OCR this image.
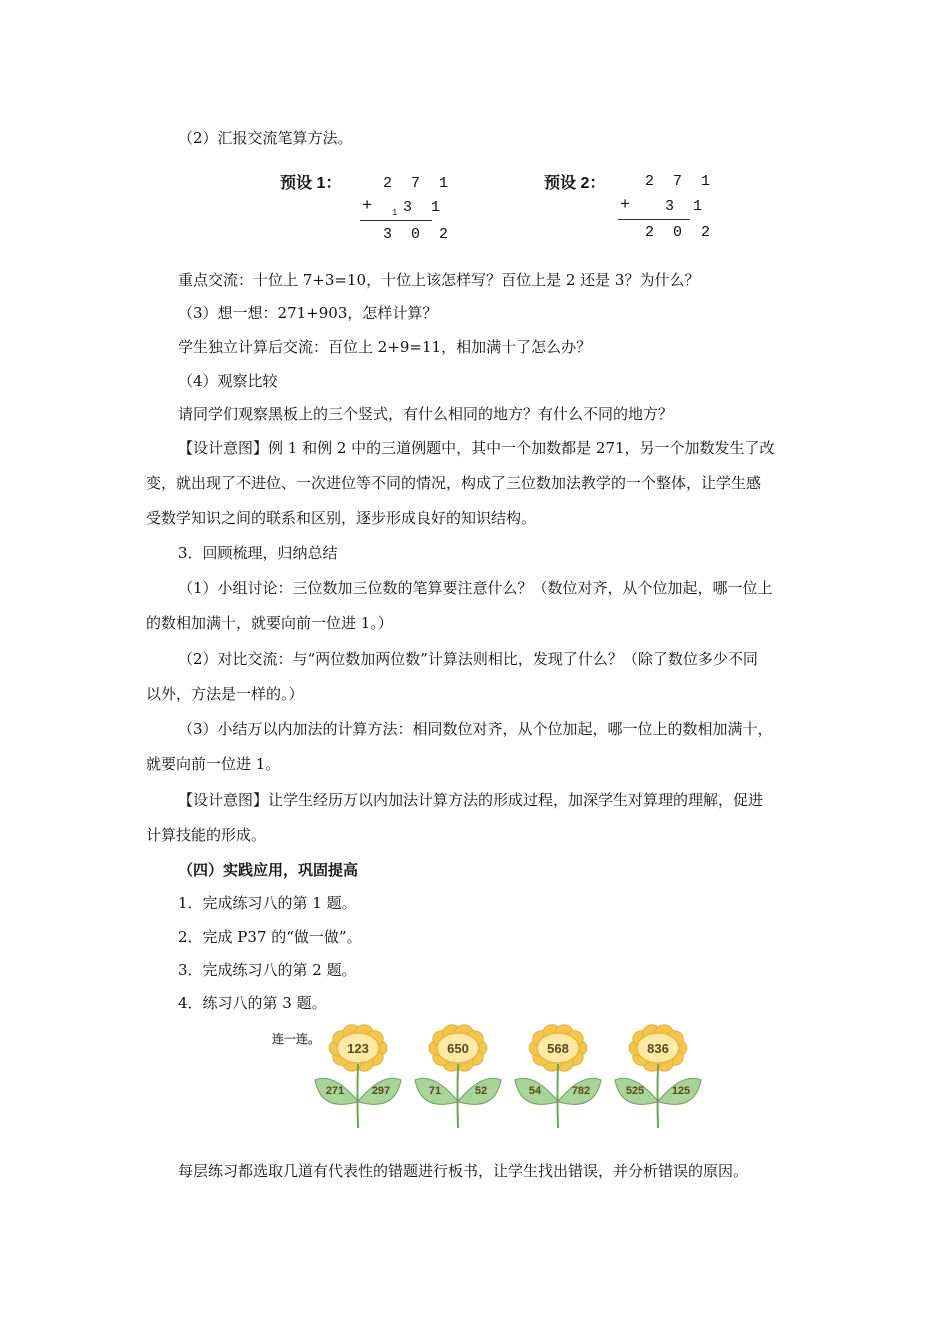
（2）汇报交流笔算方法。
预设 1：	2 7 1
+ 1 3 1
3 0 2
预设 2：	2 7 1
+ 3 1
2 0 2
重点交流：十位上 7+3=10，十位上该怎样写？百位上是 2 还是 3？为什么？
（3）想一想：271+903，怎样计算？
学生独立计算后交流：百位上 2+9=11，相加满十了怎么办？
（4）观察比较
请同学们观察黑板上的三个竖式，有什么相同的地方？有什么不同的地方？
【设计意图】例 1 和例 2 中的三道例题中，其中一个加数都是 271，另一个加数发生了改
变，就出现了不进位、一次进位等不同的情况，构成了三位数加法教学的一个整体，让学生感
受数学知识之间的联系和区别，逐步形成良好的知识结构。
3．回顾梳理，归纳总结
（1）小组讨论：三位数加三位数的笔算要注意什么？（数位对齐，从个位加起，哪一位上
的数相加满十，就要向前一位进 1。）
（2）对比交流：与“两位数加两位数”计算法则相比，发现了什么？（除了数位多少不同
以外，方法是一样的。）
（3）小结万以内加法的计算方法：相同数位对齐，从个位加起，哪一位上的数相加满十，
就要向前一位进 1。
【设计意图】让学生经历万以内加法计算方法的形成过程，加深学生对算理的理解，促进
计算技能的形成。
（四）实践应用，巩固提高
1．完成练习八的第 1 题。
2．完成 P37 的“做一做”。
3．完成练习八的第 2 题。
4．练习八的第 3 题。
连一连。
123
271	297
650
71	52
568
54	782
836
525	125
每层练习都选取几道有代表性的错题进行板书，让学生找出错误，并分析错误的原因。
